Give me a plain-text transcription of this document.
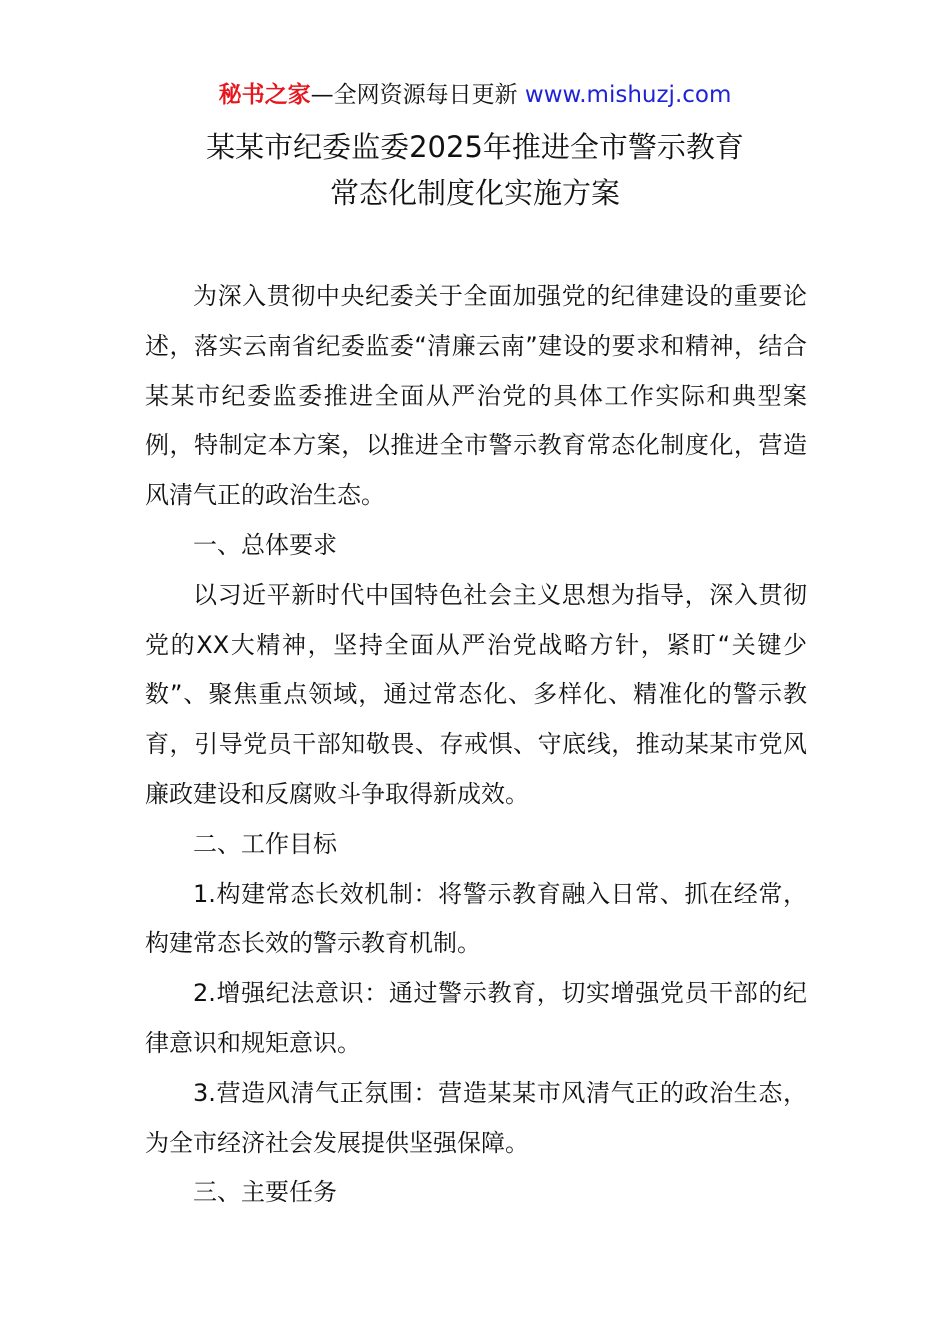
秘书之家—全网资源每日更新 www.mishuzj.com
某某市纪委监委2025年推进全市警示教育
常态化制度化实施方案

为深入贯彻中央纪委关于全面加强党的纪律建设的重要论述，落实云南省纪委监委“清廉云南”建设的要求和精神，结合某某市纪委监委推进全面从严治党的具体工作实际和典型案例，特制定本方案，以推进全市警示教育常态化制度化，营造风清气正的政治生态。

一、总体要求

以习近平新时代中国特色社会主义思想为指导，深入贯彻党的XX大精神，坚持全面从严治党战略方针，紧盯“关键少数”、聚焦重点领域，通过常态化、多样化、精准化的警示教育，引导党员干部知敬畏、存戒惧、守底线，推动某某市党风廉政建设和反腐败斗争取得新成效。

二、工作目标

1.构建常态长效机制：将警示教育融入日常、抓在经常，构建常态长效的警示教育机制。

2.增强纪法意识：通过警示教育，切实增强党员干部的纪律意识和规矩意识。

3.营造风清气正氛围：营造某某市风清气正的政治生态，为全市经济社会发展提供坚强保障。

三、主要任务
